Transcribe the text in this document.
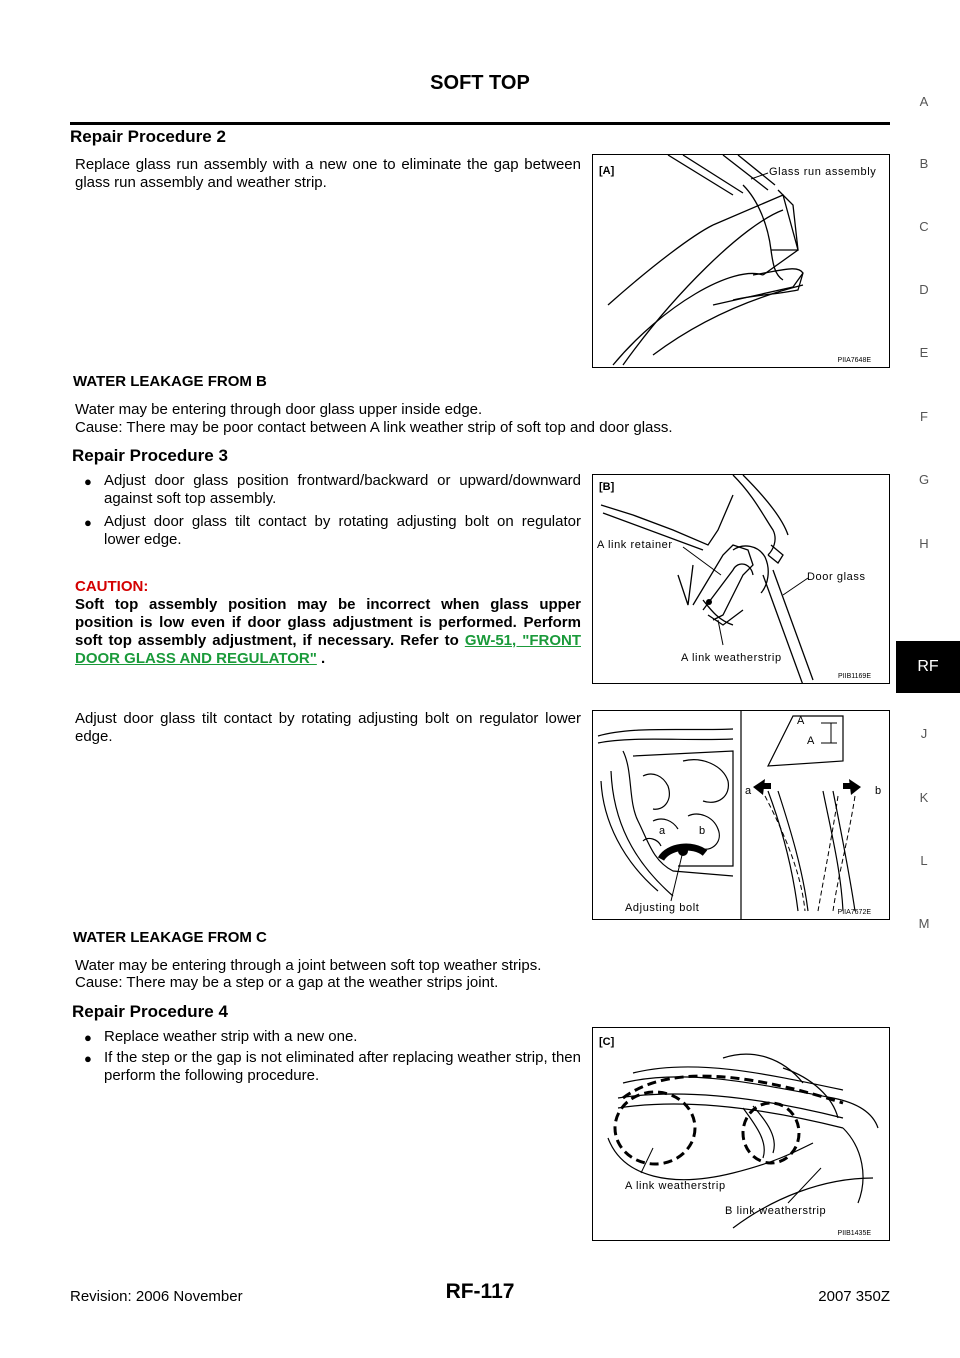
SOFT TOP
A
B
C
D
E
F
G
H
RF
J
K
L
M
Repair Procedure 2
Replace glass run assembly with a new one to eliminate the gap between glass run assembly and weather strip.
[A]	Glass run assembly
PIIA7648E
WATER LEAKAGE FROM B
Water may be entering through door glass upper inside edge.
Cause: There may be poor contact between A link weather strip of soft top and door glass.
Repair Procedure 3
● Adjust door glass position frontward/backward or upward/downward against soft top assembly.
● Adjust door glass tilt contact by rotating adjusting bolt on regulator lower edge.
CAUTION:
Soft top assembly position may be incorrect when glass upper position is low even if door glass adjustment is performed. Perform soft top assembly adjustment, if necessary. Refer to GW-51, "FRONT DOOR GLASS AND REGULATOR" .
[B]
A link retainer
Door glass
A link weatherstrip
PIIB1169E
Adjust door glass tilt contact by rotating adjusting bolt on regulator lower edge.
A
A
a	b
a	b
Adjusting bolt	PIIA7672E
WATER LEAKAGE FROM C
Water may be entering through a joint between soft top weather strips.
Cause: There may be a step or a gap at the weather strips joint.
Repair Procedure 4
● Replace weather strip with a new one.
● If the step or the gap is not eliminated after replacing weather strip, then perform the following procedure.
[C]
A link weatherstrip
B link weatherstrip
PIIB1435E
Revision: 2006 November	RF-117	2007 350Z
